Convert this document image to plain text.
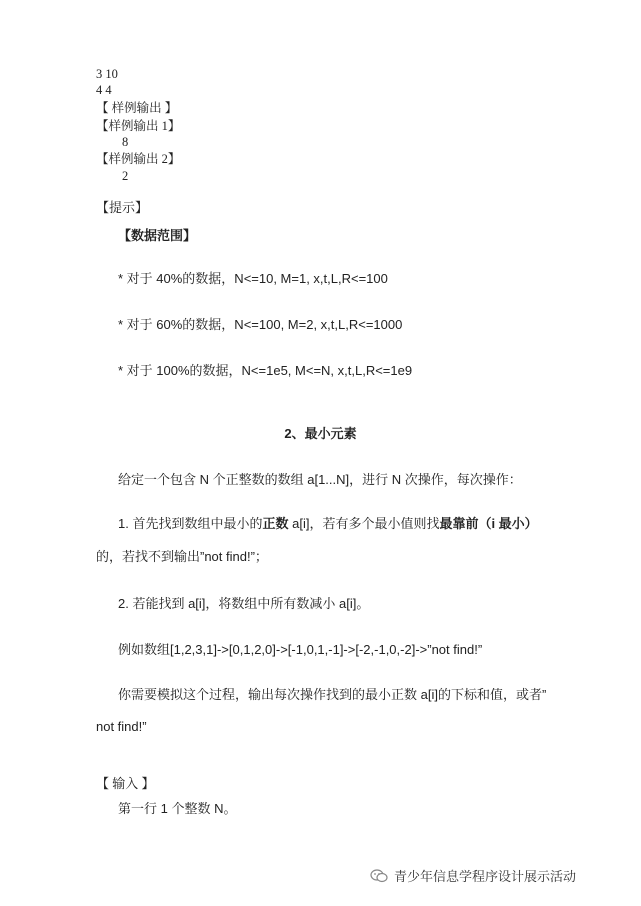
3 10
4 4
【 样例输出 】
【样例输出 1】
8
【样例输出 2】
2
【提示】
【数据范围】
* 对于 40%的数据，N<=10, M=1, x,t,L,R<=100
* 对于 60%的数据，N<=100, M=2, x,t,L,R<=1000
* 对于 100%的数据，N<=1e5, M<=N, x,t,L,R<=1e9
2、最小元素
给定一个包含 N 个正整数的数组 a[1...N]，进行 N 次操作，每次操作：
1. 首先找到数组中最小的正数 a[i]，若有多个最小值则找最靠前（i 最小）
的，若找不到输出”not find!”；
2. 若能找到 a[i]，将数组中所有数减小 a[i]。
例如数组[1,2,3,1]->[0,1,2,0]->[-1,0,1,-1]->[-2,-1,0,-2]->”not find!”
你需要模拟这个过程，输出每次操作找到的最小正数 a[i]的下标和值，或者”
not find!”
【 输入 】
第一行 1 个整数 N。
青少年信息学程序设计展示活动
